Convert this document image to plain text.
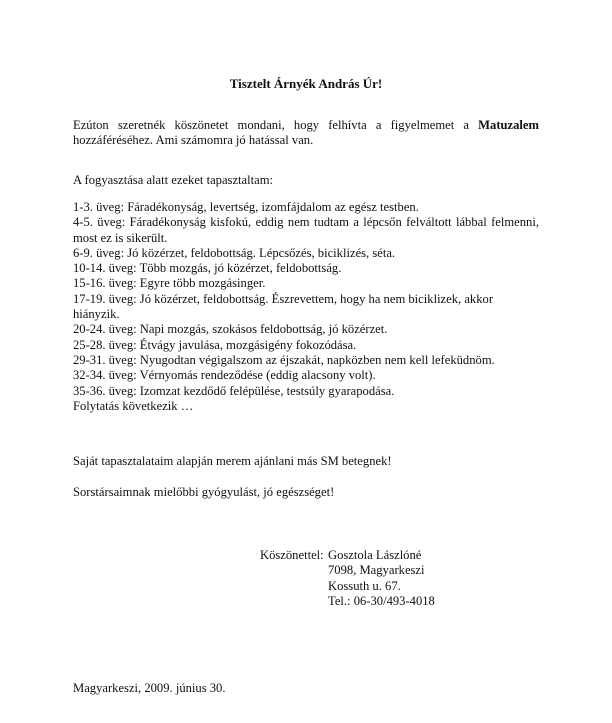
Tisztelt Árnyék András Úr!
Ezúton szeretnék köszönetet mondani, hogy felhívta a figyelmemet a Matuzalem
hozzáféréséhez. Ami számomra jó hatással van.
A fogyasztása alatt ezeket tapasztaltam:
1-3. üveg: Fáradékonyság, levertség, izomfájdalom az egész testben.
4-5. üveg: Fáradékonyság kisfokú, eddig nem tudtam a lépcsőn felváltott lábbal felmenni,
most ez is sikerült.
6-9. üveg: Jó közérzet, feldobottság. Lépcsőzés, biciklizés, séta.
10-14. üveg: Több mozgás, jó közérzet, feldobottság.
15-16. üveg: Egyre több mozgásinger.
17-19. üveg: Jó közérzet, feldobottság. Észrevettem, hogy ha nem biciklizek, akkor hiányzik.
20-24. üveg: Napi mozgás, szokásos feldobottság, jó közérzet.
25-28. üveg: Étvágy javulása, mozgásigény fokozódása.
29-31. üveg: Nyugodtan végigalszom az éjszakát, napközben nem kell lefeküdnöm.
32-34. üveg: Vérnyomás rendeződése (eddig alacsony volt).
35-36. üveg: Izomzat kezdődő felépülése, testsúly gyarapodása.
Folytatás következik …
Saját tapasztalataim alapján merem ajánlani más SM betegnek!
Sorstársaimnak mielőbbi gyógyulást, jó egészséget!
Köszönettel: Gosztola Lászlóné
7098, Magyarkeszi
Kossuth u. 67.
Tel.: 06-30/493-4018
Magyarkeszi, 2009. június 30.
